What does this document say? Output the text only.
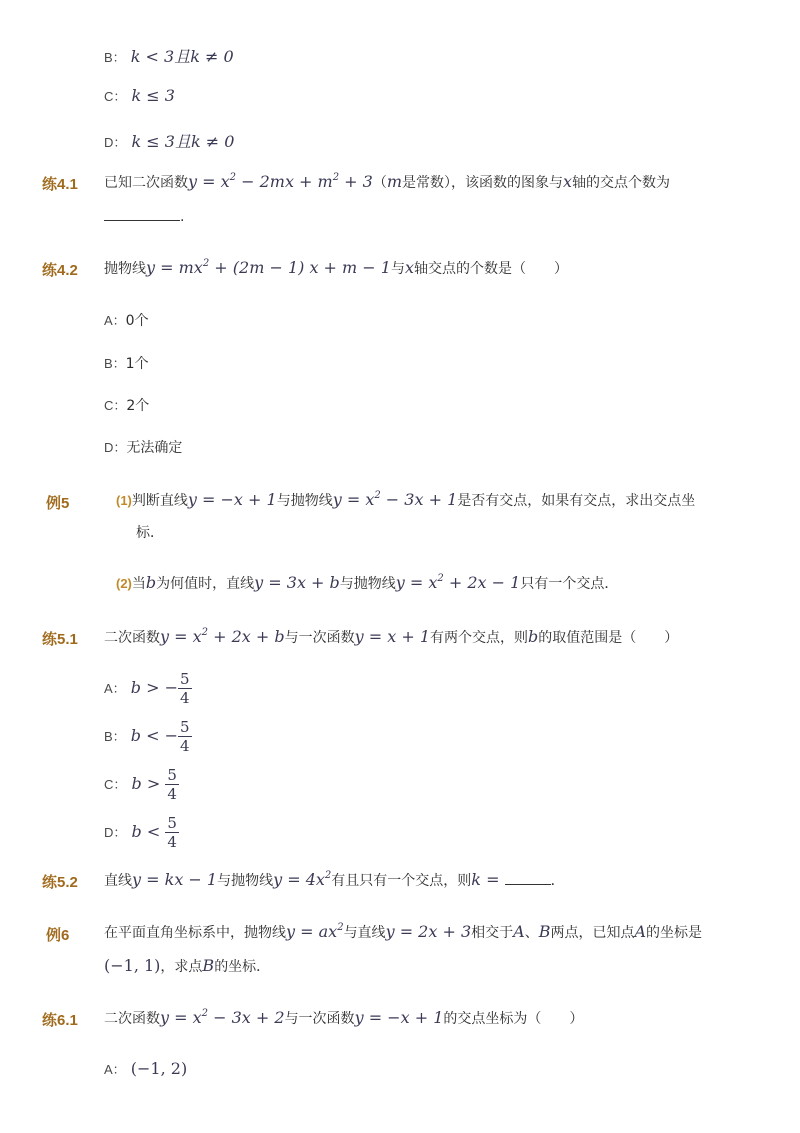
B： k < 3且k ≠ 0
C： k ≤ 3
D： k ≤ 3且k ≠ 0
练4.1 已知二次函数$y = x^2 - 2mx + m^2 + 3(m$是常数），该函数的图象与x轴的交点个数为
.
练4.2 抛物线$y = mx^2 + (2m - 1) x + m - 1$与x轴交点的个数是（　　）
A：0个
B：1个
C：2个
D：无法确定
例5	(1)判断直线y = −x + 1与抛物线$y = x^2 - 3x + 1$是否有交点，如果有交点，求出交点坐
标．
(2)当b为何值时，直线y = 3x + b与抛物线$y = x^2 + 2x - 1$只有一个交点．
练5.1 二次函数$y = x^2 + 2x + b$与一次函数y = x + 1有两个交点，则b的取值范围是（　　）
A： b > − $\frac{5}{4}$
B： b < − $\frac{5}{4}$
C： $b > \frac{5}{4}$
D： $b < \frac{5}{4}$
练5.2 直线y = kx − 1与抛物线$y = 4x^2$有且只有一个交点，则k =	．
例6 在平面直角坐标系中，抛物线$y = ax^2$与直线y = 2x + 3相交于A、B两点，已知点A的坐标是
(−1, 1)，求点B的坐标．
练6.1 二次函数$y = x^2 - 3x + 2$与一次函数y = −x + 1的交点坐标为（　　）
A： (−1, 2)
